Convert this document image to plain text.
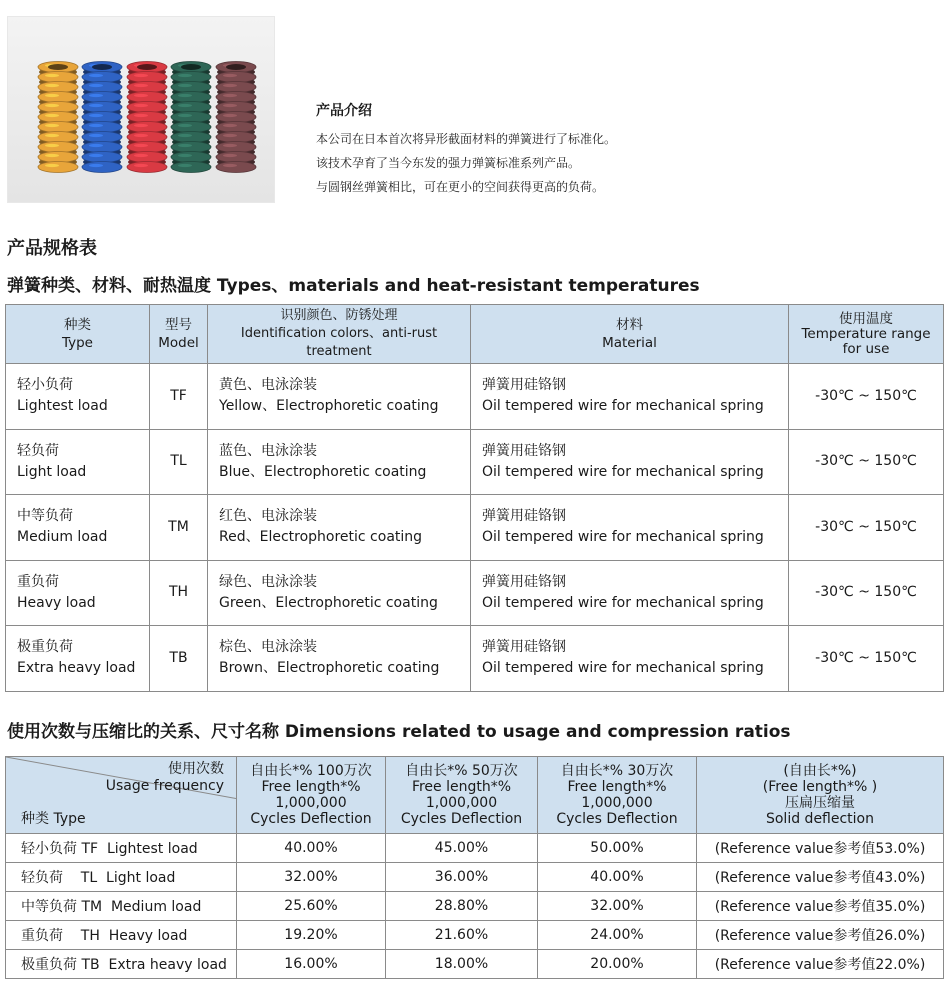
产品介绍
本公司在日本首次将异形截面材料的弹簧进行了标准化。
该技术孕育了当今东发的强力弹簧标准系列产品。
与圆钢丝弹簧相比，可在更小的空间获得更高的负荷。
产品规格表
弹簧种类、材料、耐热温度 Types、materials and heat-resistant temperatures
种类
Type	型号
Model	识别颜色、防锈处理
Identification colors、anti-rust treatment	材料
Material	使用温度
Temperature range
for use

轻小负荷
Lightest load	TF	黄色、电泳涂装
Yellow、Electrophoretic coating	弹簧用硅铬钢
Oil tempered wire for mechanical spring	-30℃ ~ 150℃

轻负荷
Light load	TL	蓝色、电泳涂装
Blue、Electrophoretic coating	弹簧用硅铬钢
Oil tempered wire for mechanical spring	-30℃ ~ 150℃

中等负荷
Medium load	TM	红色、电泳涂装
Red、Electrophoretic coating	弹簧用硅铬钢
Oil tempered wire for mechanical spring	-30℃ ~ 150℃

重负荷
Heavy load	TH	绿色、电泳涂装
Green、Electrophoretic coating	弹簧用硅铬钢
Oil tempered wire for mechanical spring	-30℃ ~ 150℃

极重负荷
Extra heavy load	TB	棕色、电泳涂装
Brown、Electrophoretic coating	弹簧用硅铬钢
Oil tempered wire for mechanical spring	-30℃ ~ 150℃
使用次数与压缩比的关系、尺寸名称 Dimensions related to usage and compression ratios
使用次数
Usage frequency
种类 Type	自由长*% 100万次
Free length*%
1,000,000
Cycles Deflection	自由长*% 50万次
Free length*%
1,000,000
Cycles Deflection	自由长*% 30万次
Free length*%
1,000,000
Cycles Deflection	(自由长*%)
(Free length*% )
压扁压缩量
Solid deflection

轻小负荷 TF  Lightest load	40.00%	45.00%	50.00%	(Reference value参考值53.0%)
轻负荷    TL  Light load	32.00%	36.00%	40.00%	(Reference value参考值43.0%)
中等负荷 TM  Medium load	25.60%	28.80%	32.00%	(Reference value参考值35.0%)
重负荷    TH  Heavy load	19.20%	21.60%	24.00%	(Reference value参考值26.0%)
极重负荷 TB  Extra heavy load	16.00%	18.00%	20.00%	(Reference value参考值22.0%)
